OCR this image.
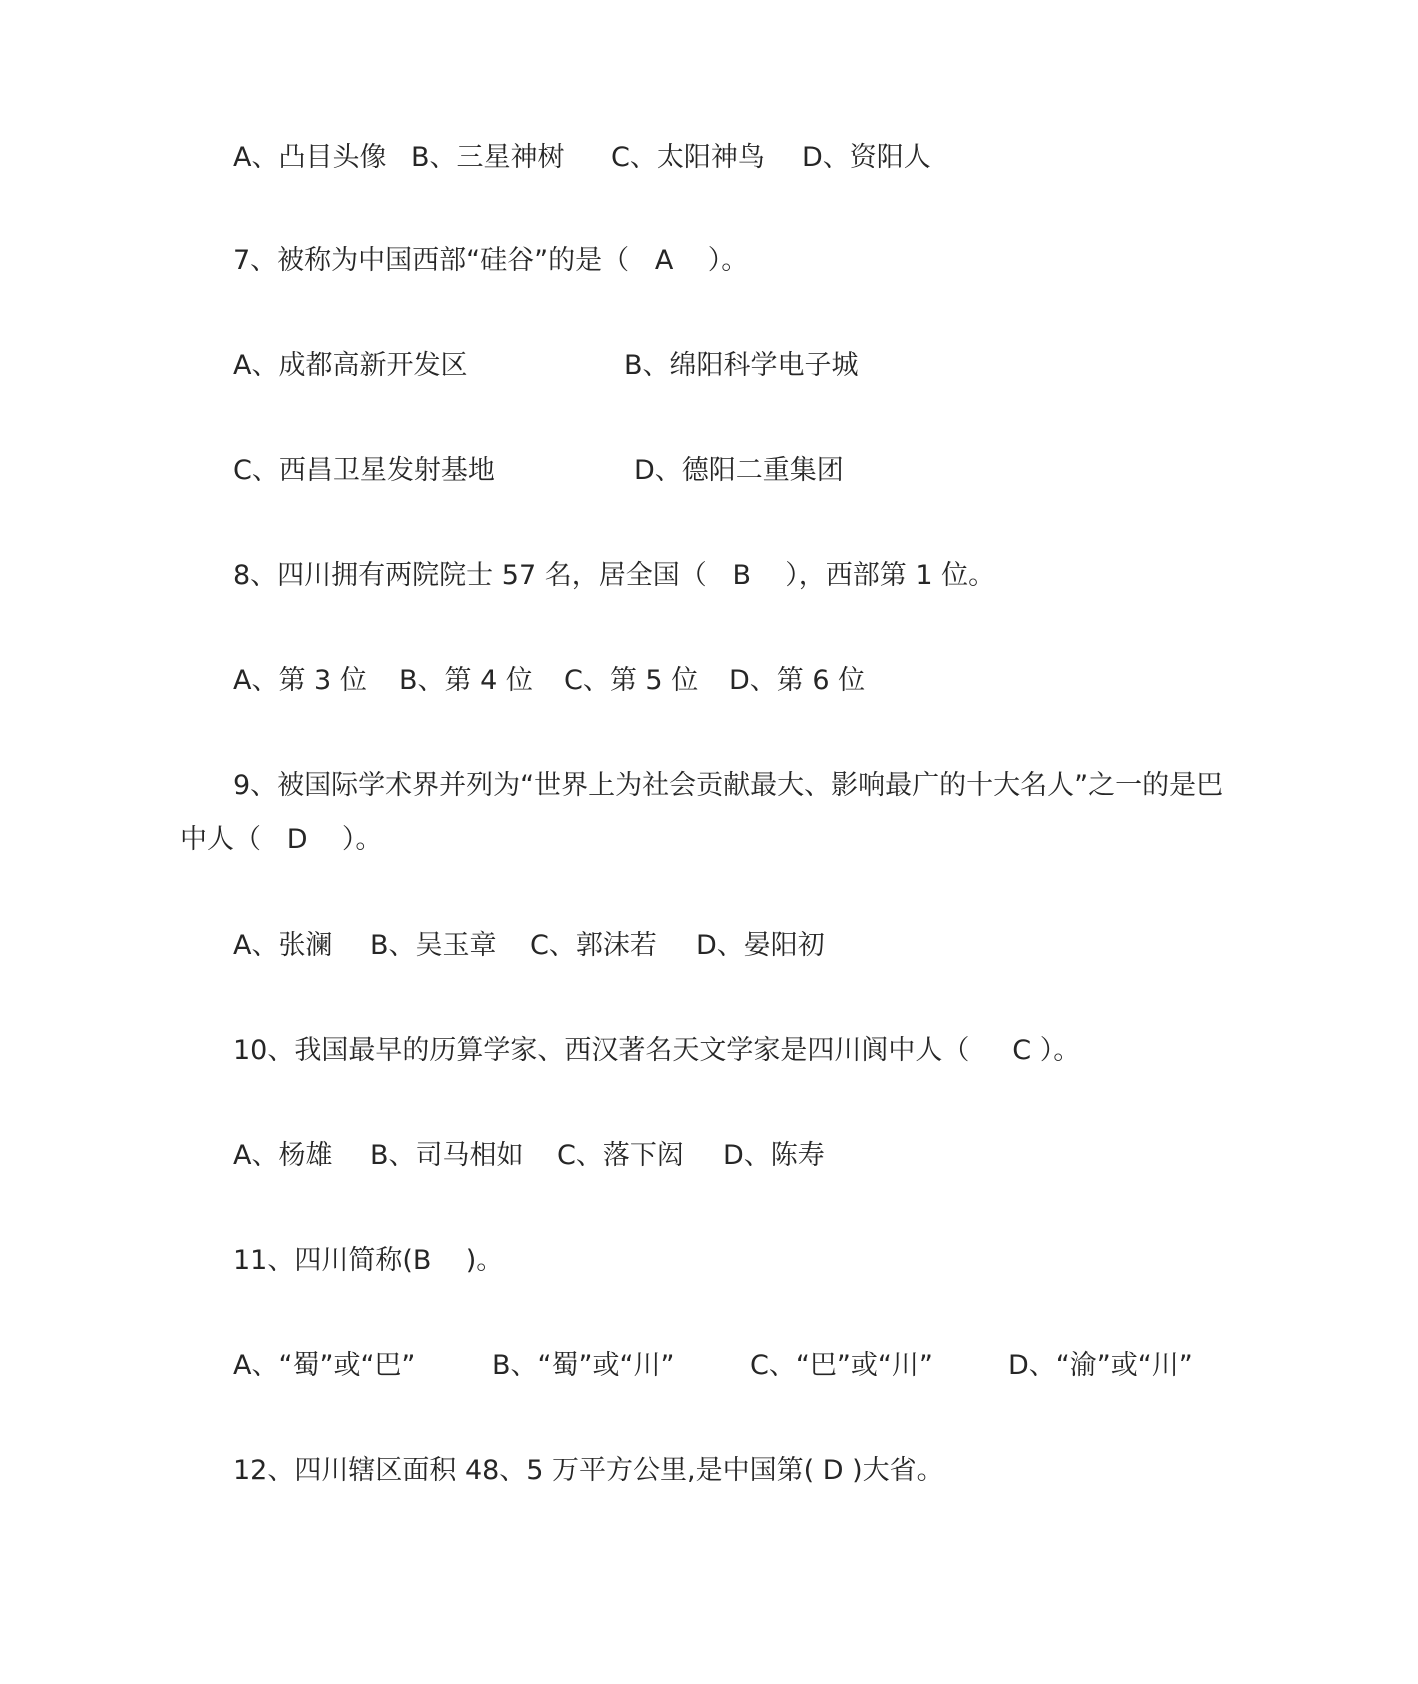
A、凸目头像

B、三星神树

C、太阳神鸟

D、资阳人

7、被称为中国西部“硅谷”的是（   A    ）。

A、成都高新开发区

	B、绵阳科学电子城

C、西昌卫星发射基地

	D、德阳二重集团

8、四川拥有两院院士 57 名，居全国（   B    ），西部第 1 位。

A、第 3 位

B、第 4 位

C、第 5 位

D、第 6 位

9、被国际学术界并列为“世界上为社会贡献最大、影响最广的十大名人”之一的是巴

中人（   D    ）。

A、张澜

B、吴玉章

C、郭沫若

D、晏阳初

10、我国最早的历算学家、西汉著名天文学家是四川阆中人（     C ）。

A、杨雄

B、司马相如

C、落下闳

D、陈寿

11、四川简称(B    )。

A、“蜀”或“巴”

	B、“蜀”或“川”

	C、“巴”或“川”

	D、“渝”或“川”

12、四川辖区面积 48、5 万平方公里,是中国第( D )大省。
